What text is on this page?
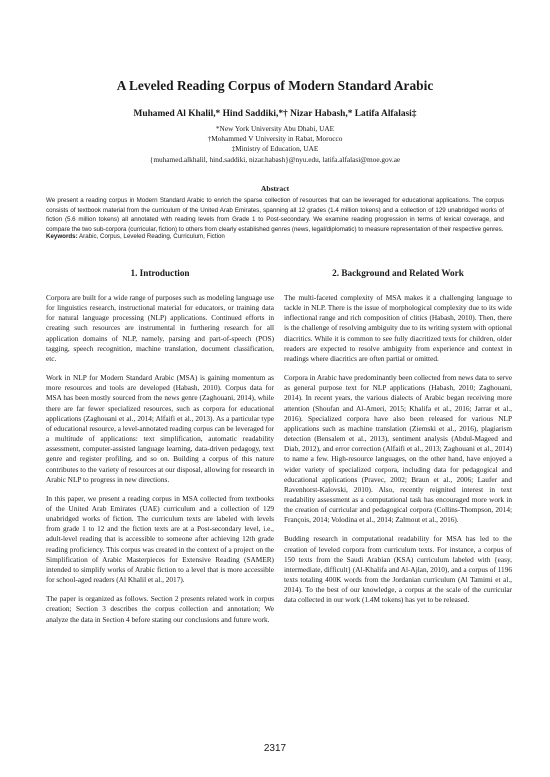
A Leveled Reading Corpus of Modern Standard Arabic
Muhamed Al Khalil,* Hind Saddiki,*† Nizar Habash,* Latifa Alfalasi‡
*New York University Abu Dhabi, UAE
†Mohammed V University in Rabat, Morocco
‡Ministry of Education, UAE
{muhamed.alkhalil, hind.saddiki, nizar.habash}@nyu.edu, latifa.alfalasi@moe.gov.ae
Abstract
We present a reading corpus in Modern Standard Arabic to enrich the sparse collection of resources that can be leveraged for educational applications. The corpus consists of textbook material from the curriculum of the United Arab Emirates, spanning all 12 grades (1.4 million tokens) and a collection of 129 unabridged works of fiction (5.6 million tokens) all annotated with reading levels from Grade 1 to Post-secondary. We examine reading progression in terms of lexical coverage, and compare the two sub-corpora (curricular, fiction) to others from clearly established genres (news, legal/diplomatic) to measure representation of their respective genres.
Keywords: Arabic, Corpus, Leveled Reading, Curriculum, Fiction
1. Introduction

Corpora are built for a wide range of purposes such as modeling language use for linguistics research, instructional material for educators, or training data for natural language processing (NLP) applications. Continued efforts in creating such resources are instrumental in furthering research for all application domains of NLP, namely, parsing and part-of-speech (POS) tagging, speech recognition, machine translation, document classification, etc.

Work in NLP for Modern Standard Arabic (MSA) is gaining momentum as more resources and tools are developed (Habash, 2010). Corpus data for MSA has been mostly sourced from the news genre (Zaghouani, 2014), while there are far fewer specialized resources, such as corpora for educational applications (Zaghouani et al., 2014; Alfaifi et al., 2013). As a particular type of educational resource, a level-annotated reading corpus can be leveraged for a multitude of applications: text simplification, automatic readability assessment, computer-assisted language learning, data-driven pedagogy, text genre and register profiling, and so on. Building a corpus of this nature contributes to the variety of resources at our disposal, allowing for research in Arabic NLP to progress in new directions.

In this paper, we present a reading corpus in MSA collected from textbooks of the United Arab Emirates (UAE) curriculum and a collection of 129 unabridged works of fiction. The curriculum texts are labeled with levels from grade 1 to 12 and the fiction texts are at a Post-secondary level, i.e., adult-level reading that is accessible to someone after achieving 12th grade reading proficiency. This corpus was created in the context of a project on the Simplification of Arabic Masterpieces for Extensive Reading (SAMER) intended to simplify works of Arabic fiction to a level that is more accessible for school-aged readers (Al Khalil et al., 2017).

The paper is organized as follows. Section 2 presents related work in corpus creation; Section 3 describes the corpus collection and annotation; We analyze the data in Section 4 before stating our conclusions and future work.

2. Background and Related Work

The multi-faceted complexity of MSA makes it a challenging language to tackle in NLP. There is the issue of morphological complexity due to its wide inflectional range and rich composition of clitics (Habash, 2010). Then, there is the challenge of resolving ambiguity due to its writing system with optional diacritics. While it is common to see fully diacritized texts for children, older readers are expected to resolve ambiguity from experience and context in readings where diacritics are often partial or omitted.

Corpora in Arabic have predominantly been collected from news data to serve as general purpose text for NLP applications (Habash, 2010; Zaghouani, 2014). In recent years, the various dialects of Arabic began receiving more attention (Shoufan and Al-Ameri, 2015; Khalifa et al., 2016; Jarrar et al., 2016). Specialized corpora have also been released for various NLP applications such as machine translation (Ziemski et al., 2016), plagiarism detection (Bensalem et al., 2013), sentiment analysis (Abdul-Mageed and Diab, 2012), and error correction (Alfaifi et al., 2013; Zaghouani et al., 2014) to name a few. High-resource languages, on the other hand, have enjoyed a wider variety of specialized corpora, including data for pedagogical and educational applications (Pravec, 2002; Braun et al., 2006; Laufer and Ravenhorst-Kalovski, 2010). Also, recently reignited interest in text readability assessment as a computational task has encouraged more work in the creation of curricular and pedagogical corpora (Collins-Thompson, 2014; François, 2014; Volodina et al., 2014; Zalmout et al., 2016).

Budding research in computational readability for MSA has led to the creation of leveled corpora from curriculum texts. For instance, a corpus of 150 texts from the Saudi Arabian (KSA) curriculum labeled with {easy, intermediate, difficult} (Al-Khalifa and Al-Ajlan, 2010), and a corpus of 1196 texts totaling 400K words from the Jordanian curriculum (Al Tamimi et al., 2014). To the best of our knowledge, a corpus at the scale of the curricular data collected in our work (1.4M tokens) has yet to be released.

2317
